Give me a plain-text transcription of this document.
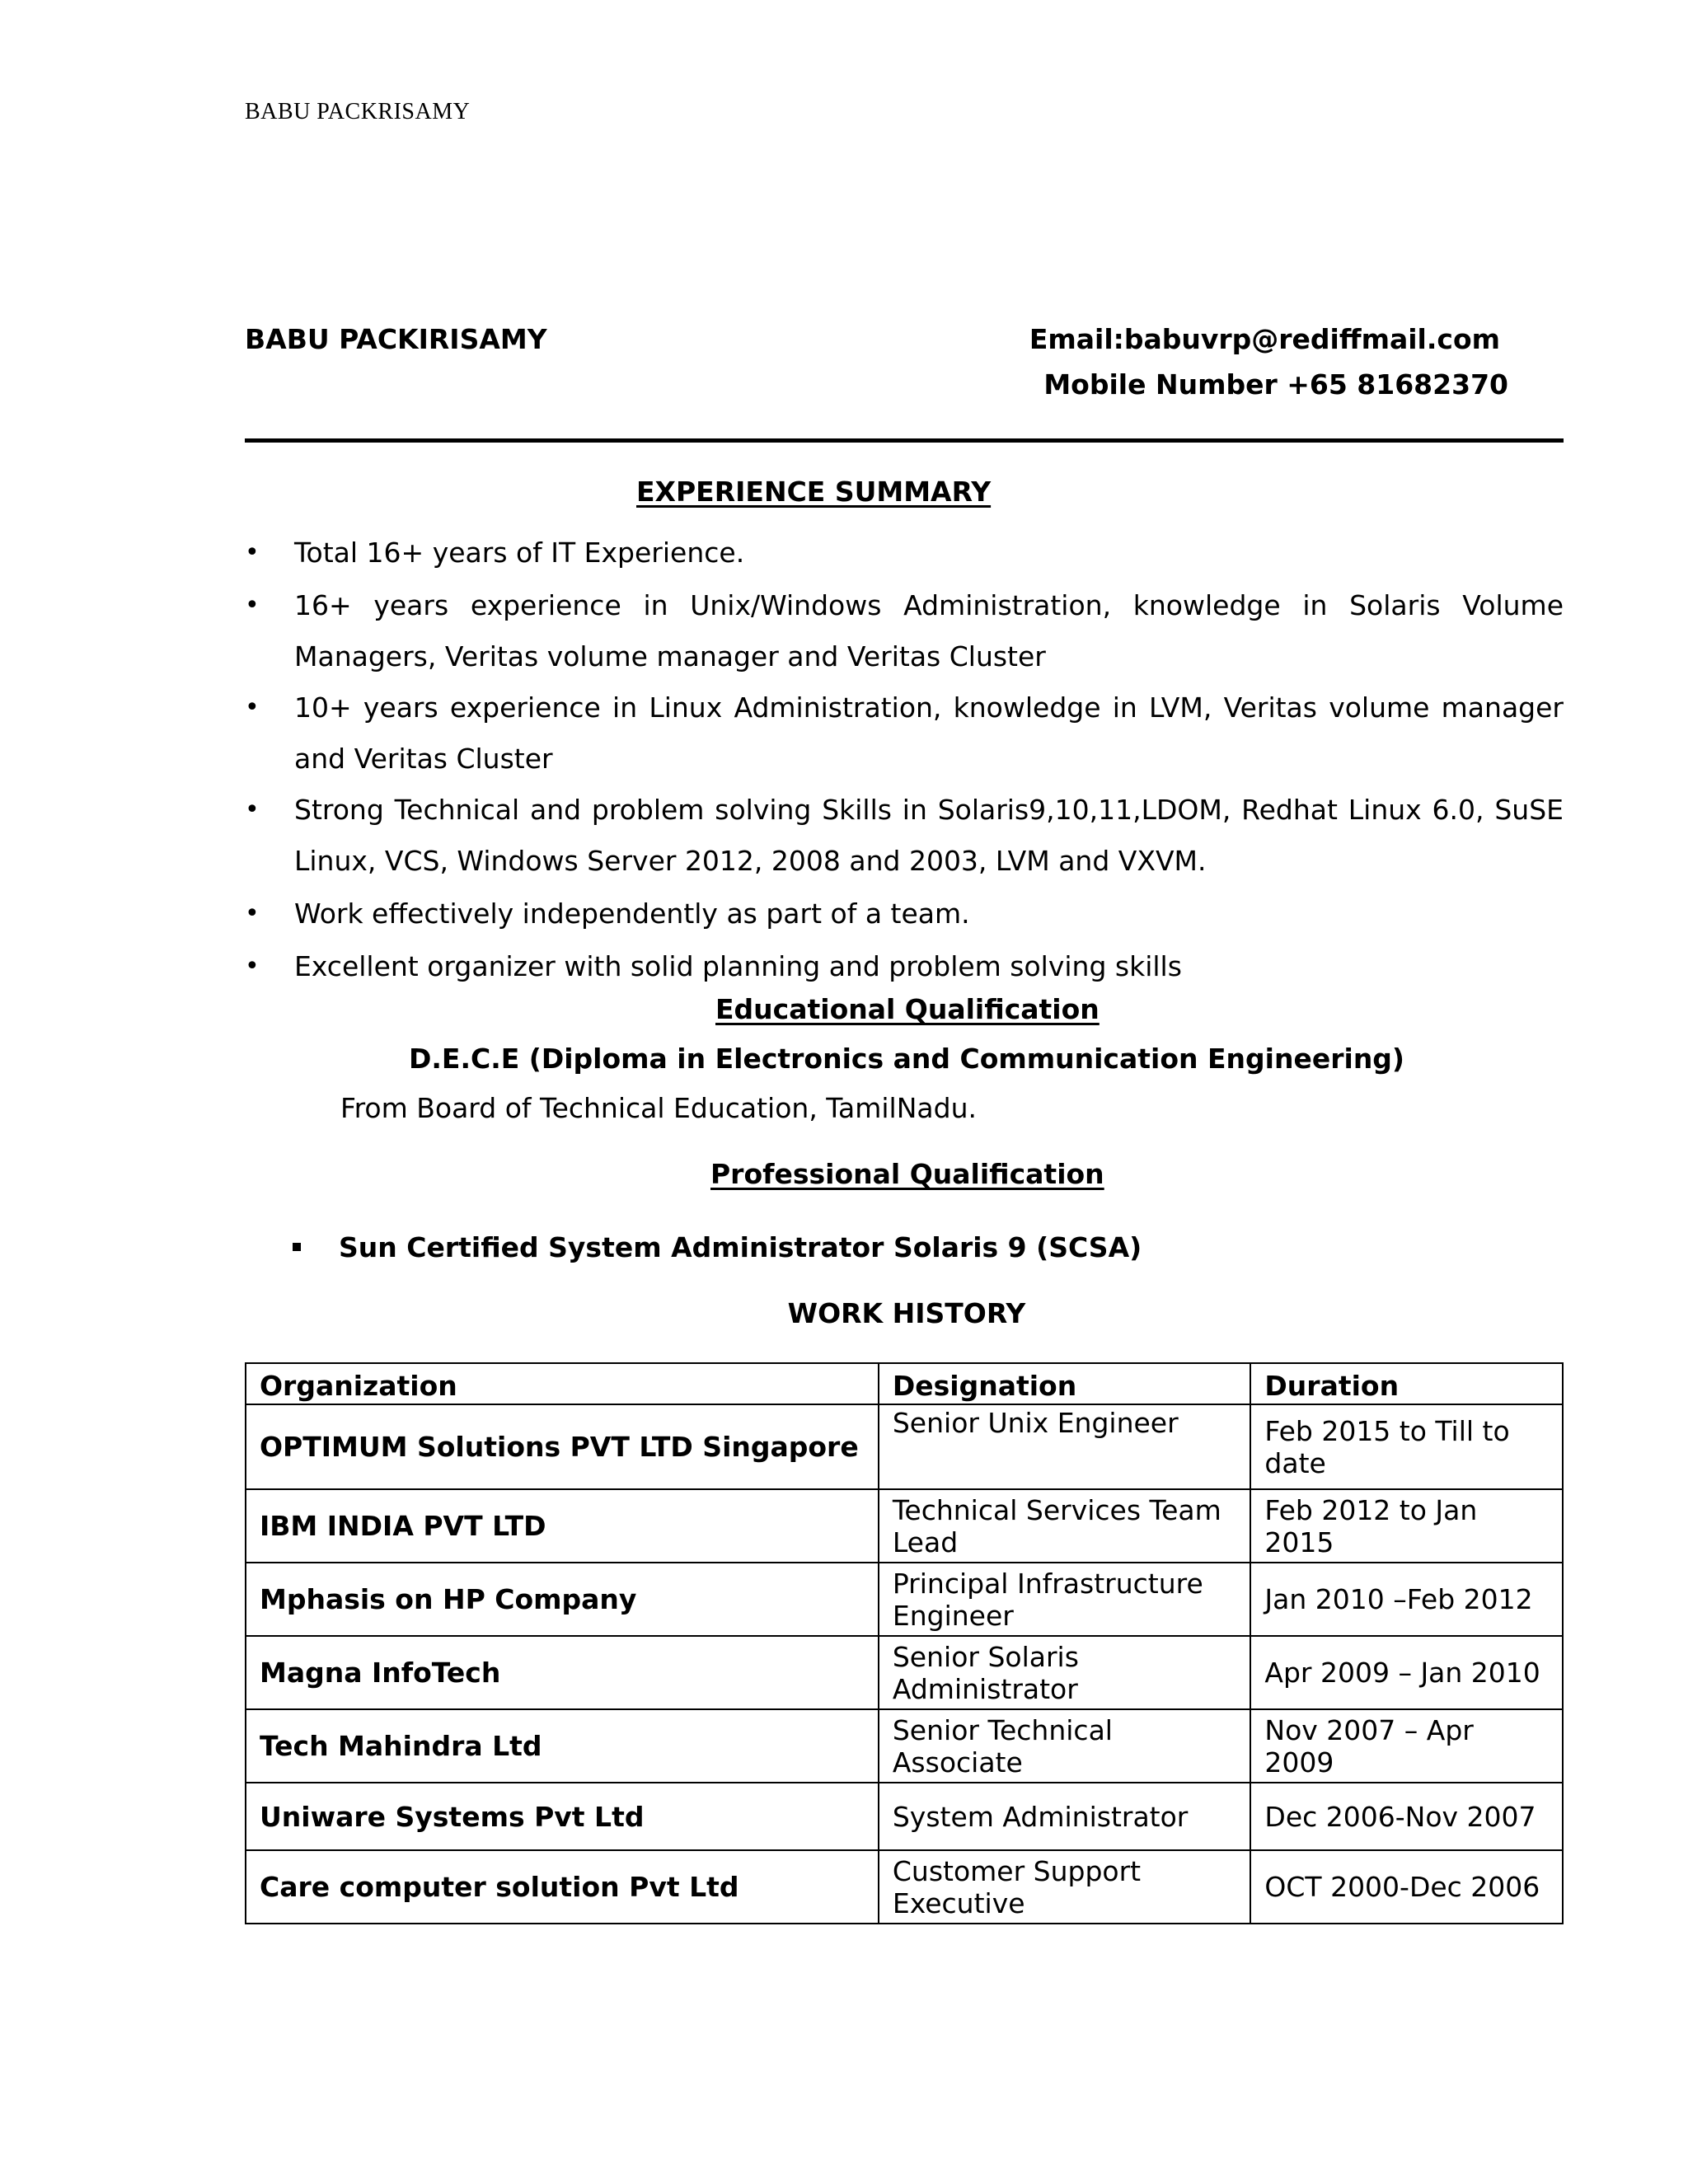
BABU PACKRISAMY
BABU PACKIRISAMY	Email:babuvrp@rediffmail.com
Mobile Number +65 81682370
EXPERIENCE SUMMARY
• Total 16+ years of IT Experience.
• 16+ years experience in Unix/Windows Administration, knowledge in Solaris Volume Managers, Veritas volume manager and Veritas Cluster
• 10+ years experience in Linux Administration, knowledge in LVM, Veritas volume manager and Veritas Cluster
• Strong Technical and problem solving Skills in Solaris9,10,11,LDOM, Redhat Linux 6.0, SuSE Linux, VCS, Windows Server 2012, 2008 and 2003, LVM and VXVM.
• Work effectively independently as part of a team.
• Excellent organizer with solid planning and problem solving skills
Educational Qualification
D.E.C.E (Diploma in Electronics and Communication Engineering)
From Board of Technical Education, TamilNadu.
Professional Qualification
Sun Certified System Administrator Solaris 9 (SCSA)
WORK HISTORY
Organization	Designation	Duration
OPTIMUM Solutions PVT LTD Singapore	Senior Unix Engineer	Feb 2015 to Till to date
IBM INDIA PVT LTD	Technical Services Team Lead	Feb 2012 to Jan 2015
Mphasis on HP Company	Principal Infrastructure Engineer	Jan 2010 –Feb 2012
Magna InfoTech	Senior Solaris Administrator	Apr 2009 – Jan 2010
Tech Mahindra Ltd	Senior Technical Associate	Nov 2007 – Apr 2009
Uniware Systems Pvt Ltd	System Administrator	Dec 2006-Nov 2007
Care computer solution Pvt Ltd	Customer Support Executive	OCT 2000-Dec 2006
